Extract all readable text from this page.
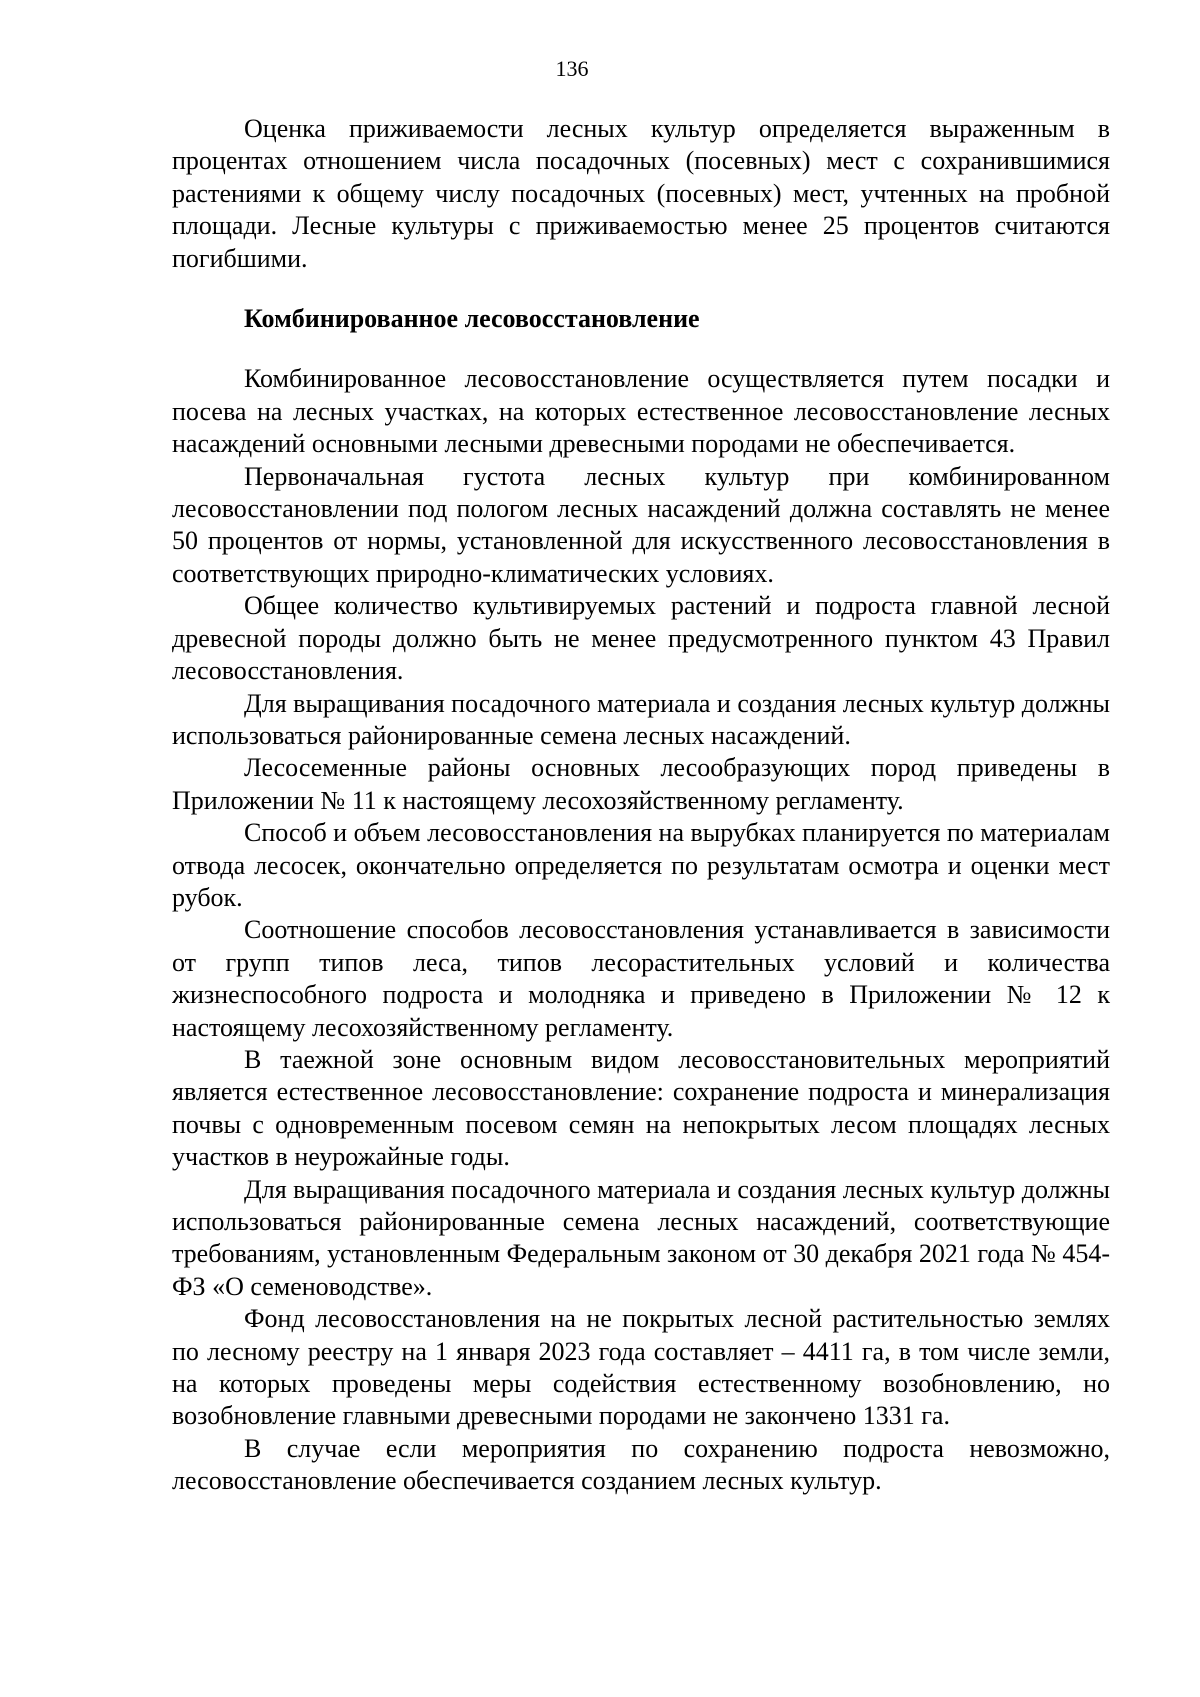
136

Оценка приживаемости лесных культур определяется выраженным в процентах отношением числа посадочных (посевных) мест с сохранившимися растениями к общему числу посадочных (посевных) мест, учтенных на пробной площади. Лесные культуры с приживаемостью менее 25 процентов считаются погибшими.

Комбинированное лесовосстановление

Комбинированное лесовосстановление осуществляется путем посадки и посева на лесных участках, на которых естественное лесовосстановление лесных насаждений основными лесными древесными породами не обеспечивается.

Первоначальная густота лесных культур при комбинированном лесовосстановлении под пологом лесных насаждений должна составлять не менее 50 процентов от нормы, установленной для искусственного лесовосстановления в соответствующих природно-климатических условиях.

Общее количество культивируемых растений и подроста главной лесной древесной породы должно быть не менее предусмотренного пунктом 43 Правил лесовосстановления.

Для выращивания посадочного материала и создания лесных культур должны использоваться районированные семена лесных насаждений.

Лесосеменные районы основных лесообразующих пород приведены в Приложении № 11 к настоящему лесохозяйственному регламенту.

Способ и объем лесовосстановления на вырубках планируется по материалам отвода лесосек, окончательно определяется по результатам осмотра и оценки мест рубок.

Соотношение способов лесовосстановления устанавливается в зависимости от групп типов леса, типов лесорастительных условий и количества жизнеспособного подроста и молодняка и приведено в Приложении № 12 к настоящему лесохозяйственному регламенту.

В таежной зоне основным видом лесовосстановительных мероприятий является естественное лесовосстановление: сохранение подроста и минерализация почвы с одновременным посевом семян на непокрытых лесом площадях лесных участков в неурожайные годы.

Для выращивания посадочного материала и создания лесных культур должны использоваться районированные семена лесных насаждений, соответствующие требованиям, установленным Федеральным законом от 30 декабря 2021 года № 454-ФЗ «О семеноводстве».

Фонд лесовосстановления на не покрытых лесной растительностью землях по лесному реестру на 1 января 2023 года составляет – 4411 га, в том числе земли, на которых проведены меры содействия естественному возобновлению, но возобновление главными древесными породами не закончено 1331 га.

В случае если мероприятия по сохранению подроста невозможно, лесовосстановление обеспечивается созданием лесных культур.
